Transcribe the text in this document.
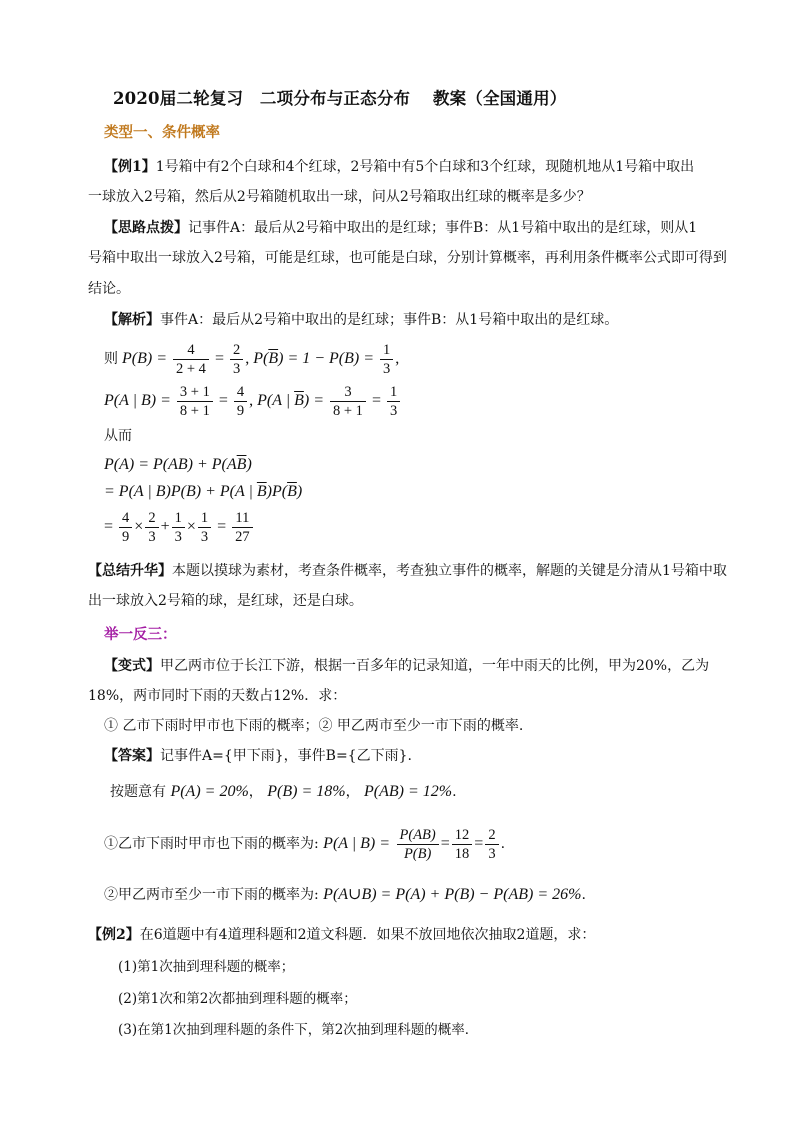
2020届二轮复习　二项分布与正态分布　 教案（全国通用）
类型一、条件概率
【例1】1号箱中有2个白球和4个红球，2号箱中有5个白球和3个红球，现随机地从1号箱中取出
一球放入2号箱，然后从2号箱随机取出一球，问从2号箱取出红球的概率是多少？
【思路点拨】记事件A：最后从2号箱中取出的是红球；事件B：从1号箱中取出的是红球，则从1
号箱中取出一球放入2号箱，可能是红球，也可能是白球，分别计算概率，再利用条件概率公式即可得到
结论。
【解析】事件A：最后从2号箱中取出的是红球；事件B：从1号箱中取出的是红球。
则 $P(B) = \frac{4}{2 + 4} = \frac{2}{3}$ , $P(\overline{B}) = 1 - P(B) = \frac{1}{3}$ ,
P(A | $B) = \frac{3 + 1}{8 + 1} = \frac{4}{9}$ , P(A | $\overline{B}) = \frac{3}{8 + 1} = \frac{1}{3}$
从而
$P(A) = P(AB) + P(A\overline{B})$
= P(A | B)P(B) + P(A | $\overline{B})P(\overline{B})$
= $\frac{4}{9} \times \frac{2}{3} + \frac{1}{3} \times \frac{1}{3} = \frac{11}{27}$
【总结升华】本题以摸球为素材，考查条件概率，考查独立事件的概率，解题的关键是分清从1号箱中取
出一球放入2号箱的球，是红球，还是白球。
举一反三：
【变式】甲乙两市位于长江下游，根据一百多年的记录知道，一年中雨天的比例，甲为20%，乙为
18%，两市同时下雨的天数占12%．求：
① 乙市下雨时甲市也下雨的概率；② 甲乙两市至少一市下雨的概率.
【答案】记事件A={甲下雨}，事件B={乙下雨}.
按题意有 P(A) = 20%， P(B) = 18%， P(AB) = 12%.
①乙市下雨时甲市也下雨的概率为: P(A | $B) = \frac{P(AB)}{P(B)} = \frac{12}{18} = \frac{2}{3}$ .
②甲乙两市至少一市下雨的概率为: P(A∪B) = P(A) + P(B) − P(AB) = 26%.
【例2】在6道题中有4道理科题和2道文科题．如果不放回地依次抽取2道题，求：
(1)第1次抽到理科题的概率；
(2)第1次和第2次都抽到理科题的概率；
(3)在第1次抽到理科题的条件下，第2次抽到理科题的概率．
